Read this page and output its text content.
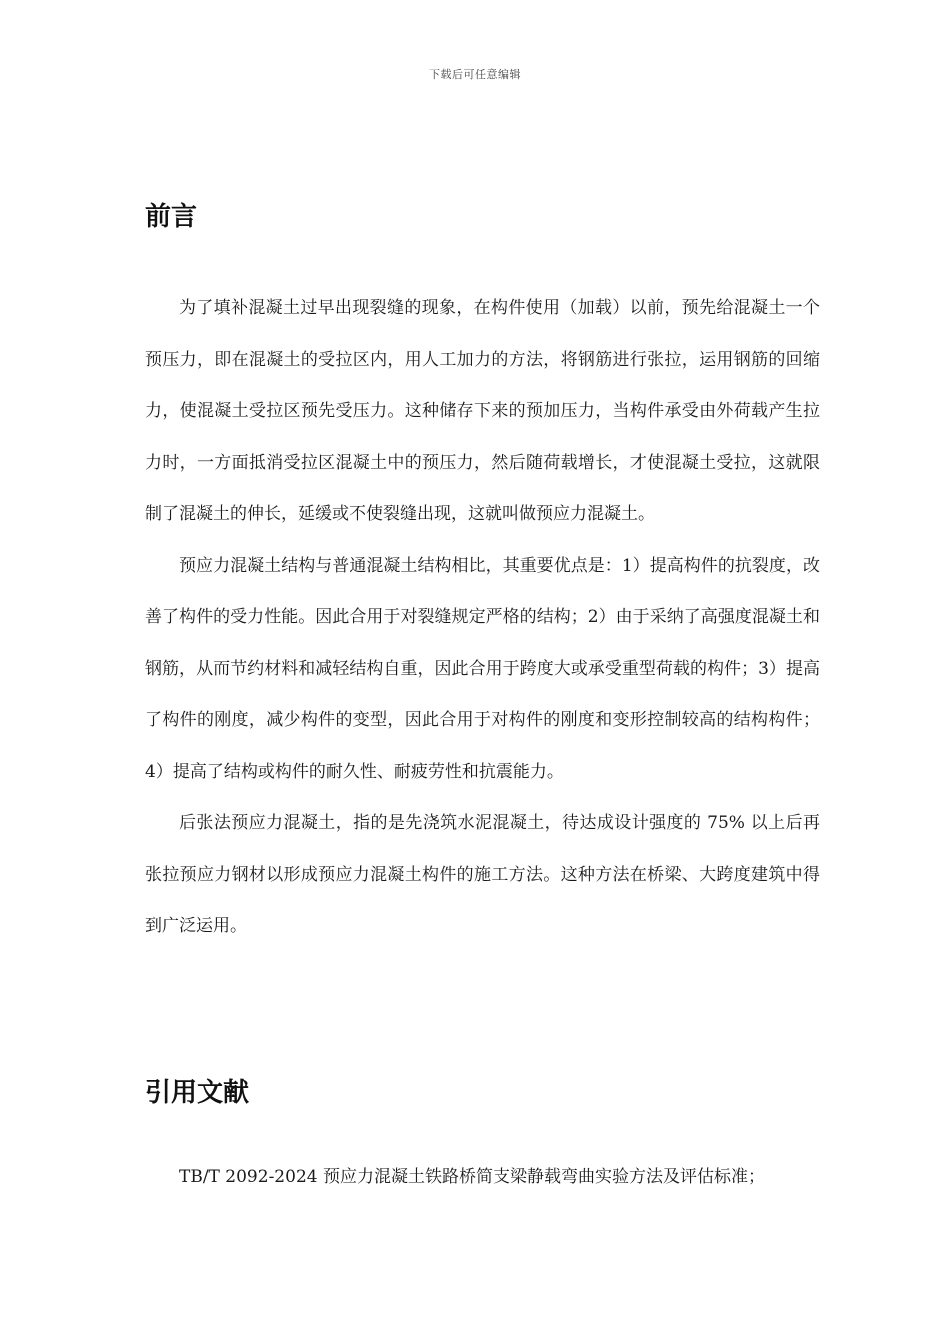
下载后可任意编辑
前言

为了填补混凝土过早出现裂缝的现象，在构件使用（加载）以前，预先给混凝土一个预压力，即在混凝土的受拉区内，用人工加力的方法，将钢筋进行张拉，运用钢筋的回缩力，使混凝土受拉区预先受压力。这种储存下来的预加压力，当构件承受由外荷载产生拉力时，一方面抵消受拉区混凝土中的预压力，然后随荷载增长，才使混凝土受拉，这就限制了混凝土的伸长，延缓或不使裂缝出现，这就叫做预应力混凝土。

预应力混凝土结构与普通混凝土结构相比，其重要优点是：1）提高构件的抗裂度，改善了构件的受力性能。因此合用于对裂缝规定严格的结构；2）由于采纳了高强度混凝土和钢筋，从而节约材料和减轻结构自重，因此合用于跨度大或承受重型荷载的构件；3）提高了构件的刚度，减少构件的变型，因此合用于对构件的刚度和变形控制较高的结构构件；4）提高了结构或构件的耐久性、耐疲劳性和抗震能力。

后张法预应力混凝土，指的是先浇筑水泥混凝土，待达成设计强度的 75% 以上后再张拉预应力钢材以形成预应力混凝土构件的施工方法。这种方法在桥梁、大跨度建筑中得到广泛运用。

引用文献

TB/T 2092-2024 预应力混凝土铁路桥简支梁静载弯曲实验方法及评估标准；
